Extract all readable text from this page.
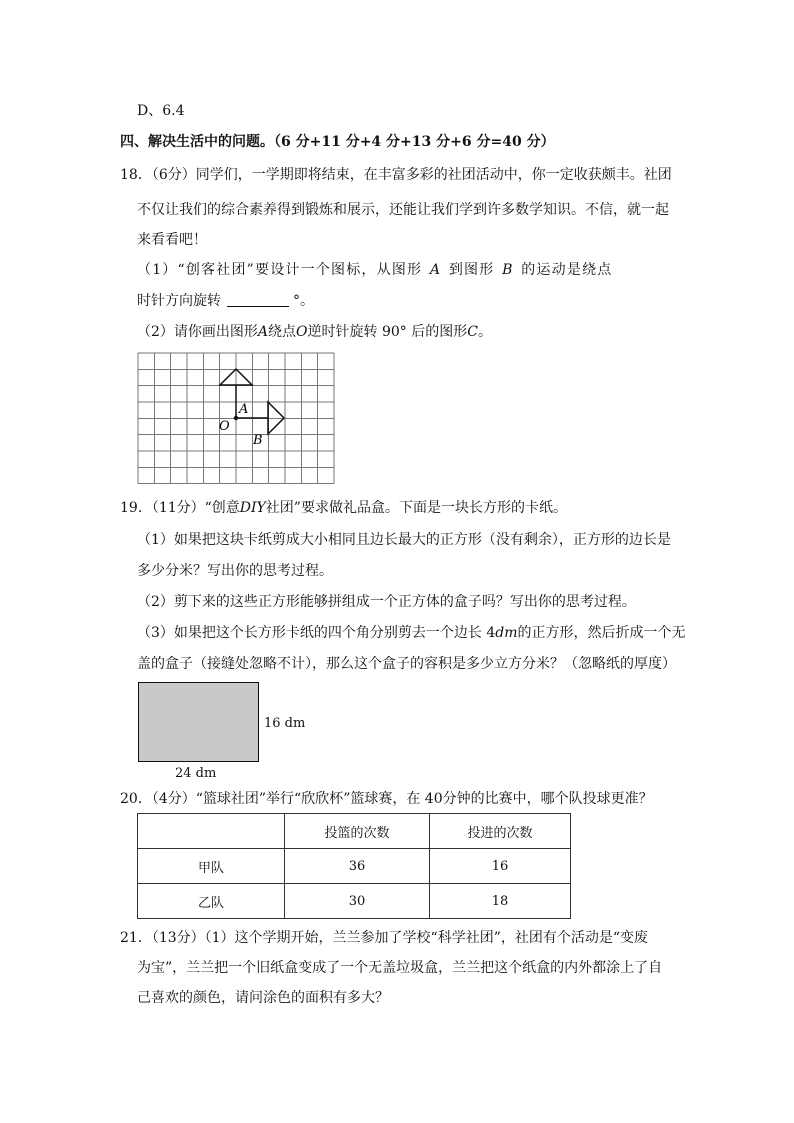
D、6.4
四、解决生活中的问题。（6 分+11 分+4 分+13 分+6 分=40 分）
18．（6分）同学们，一学期即将结束，在丰富多彩的社团活动中，你一定收获颇丰。社团
不仅让我们的综合素养得到锻炼和展示，还能让我们学到许多数学知识。不信，就一起
来看看吧！
（1）“创客社团”要设计一个图标，从图形 A 到图形 B 的运动是绕点
时针方向旋转	°。
（2）请你画出图形A绕点O逆时针旋转 90° 后的图形C。
A
O
B
19．（11分）“创意DIY社团”要求做礼品盒。下面是一块长方形的卡纸。
（1）如果把这块卡纸剪成大小相同且边长最大的正方形（没有剩余），正方形的边长是
多少分米？写出你的思考过程。
（2）剪下来的这些正方形能够拼组成一个正方体的盒子吗？写出你的思考过程。
（3）如果把这个长方形卡纸的四个角分别剪去一个边长 4dm的正方形，然后折成一个无
盖的盒子（接缝处忽略不计），那么这个盒子的容积是多少立方分米？（忽略纸的厚度）
16 dm
24 dm
20．（4分）“篮球社团”举行“欣欣杯”篮球赛，在 40分钟的比赛中，哪个队投球更准？
	投篮的次数	投进的次数
甲队	36	16
乙队	30	18
21．（13分）（1）这个学期开始，兰兰参加了学校“科学社团”，社团有个活动是“变废
为宝”，兰兰把一个旧纸盒变成了一个无盖垃圾盒，兰兰把这个纸盒的内外都涂上了自
己喜欢的颜色，请问涂色的面积有多大？
